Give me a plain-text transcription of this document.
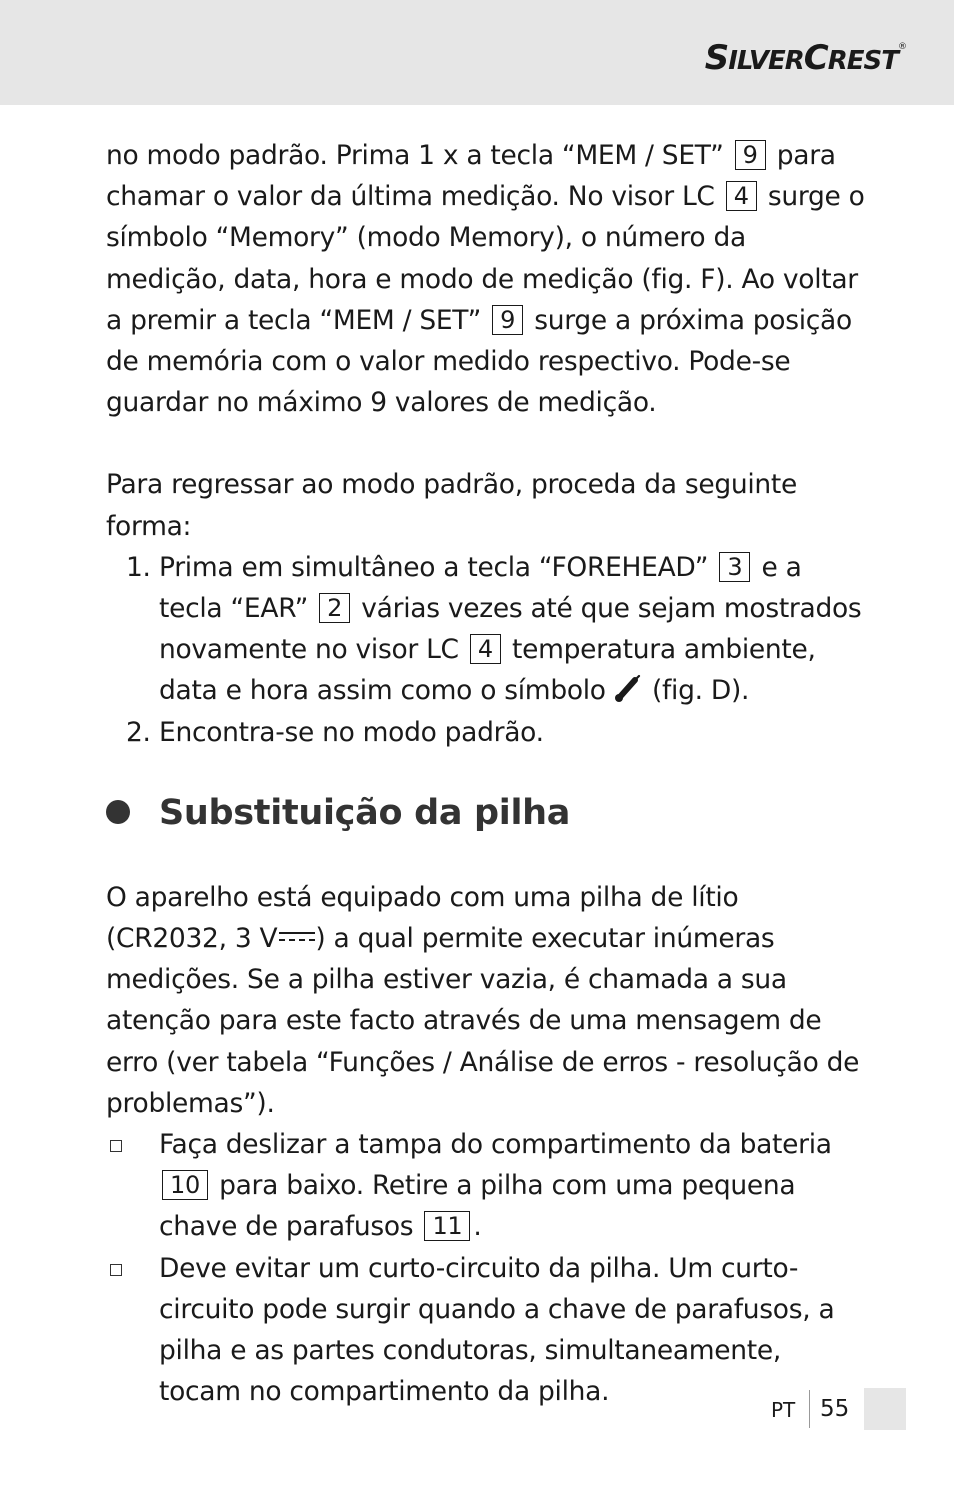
SILVERCREST®

no modo padrão. Prima 1 x a tecla “MEM / SET” 9 para chamar o valor da última medição. No visor LC 4 surge o símbolo “Memory” (modo Memory), o número da medição, data, hora e modo de medição (fig. F). Ao voltar a premir a tecla “MEM / SET” 9 surge a próxima posição de memória com o valor medido respectivo. Pode-se guardar no máximo 9 valores de medição.

Para regressar ao modo padrão, proceda da seguinte forma:

1. Prima em simultâneo a tecla “FOREHEAD” 3 e a tecla “EAR” 2 várias vezes até que sejam mostrados novamente no visor LC 4 temperatura ambiente, data e hora assim como o símbolo (fig. D).
2. Encontra-se no modo padrão.
Substituição da pilha

O aparelho está equipado com uma pilha de lítio (CR2032, 3 V ) a qual permite executar inúmeras medições. Se a pilha estiver vazia, é chamada a sua atenção para este facto através de uma mensagem de erro (ver tabela “Funções / Análise de erros - resolução de problemas”).

Faça deslizar a tampa do compartimento da bateria 10 para baixo. Retire a pilha com uma pequena chave de parafusos 11 .
Deve evitar um curto-circuito da pilha. Um curto-circuito pode surgir quando a chave de parafusos, a pilha e as partes condutoras, simultaneamente, tocam no compartimento da pilha.
PT 55
